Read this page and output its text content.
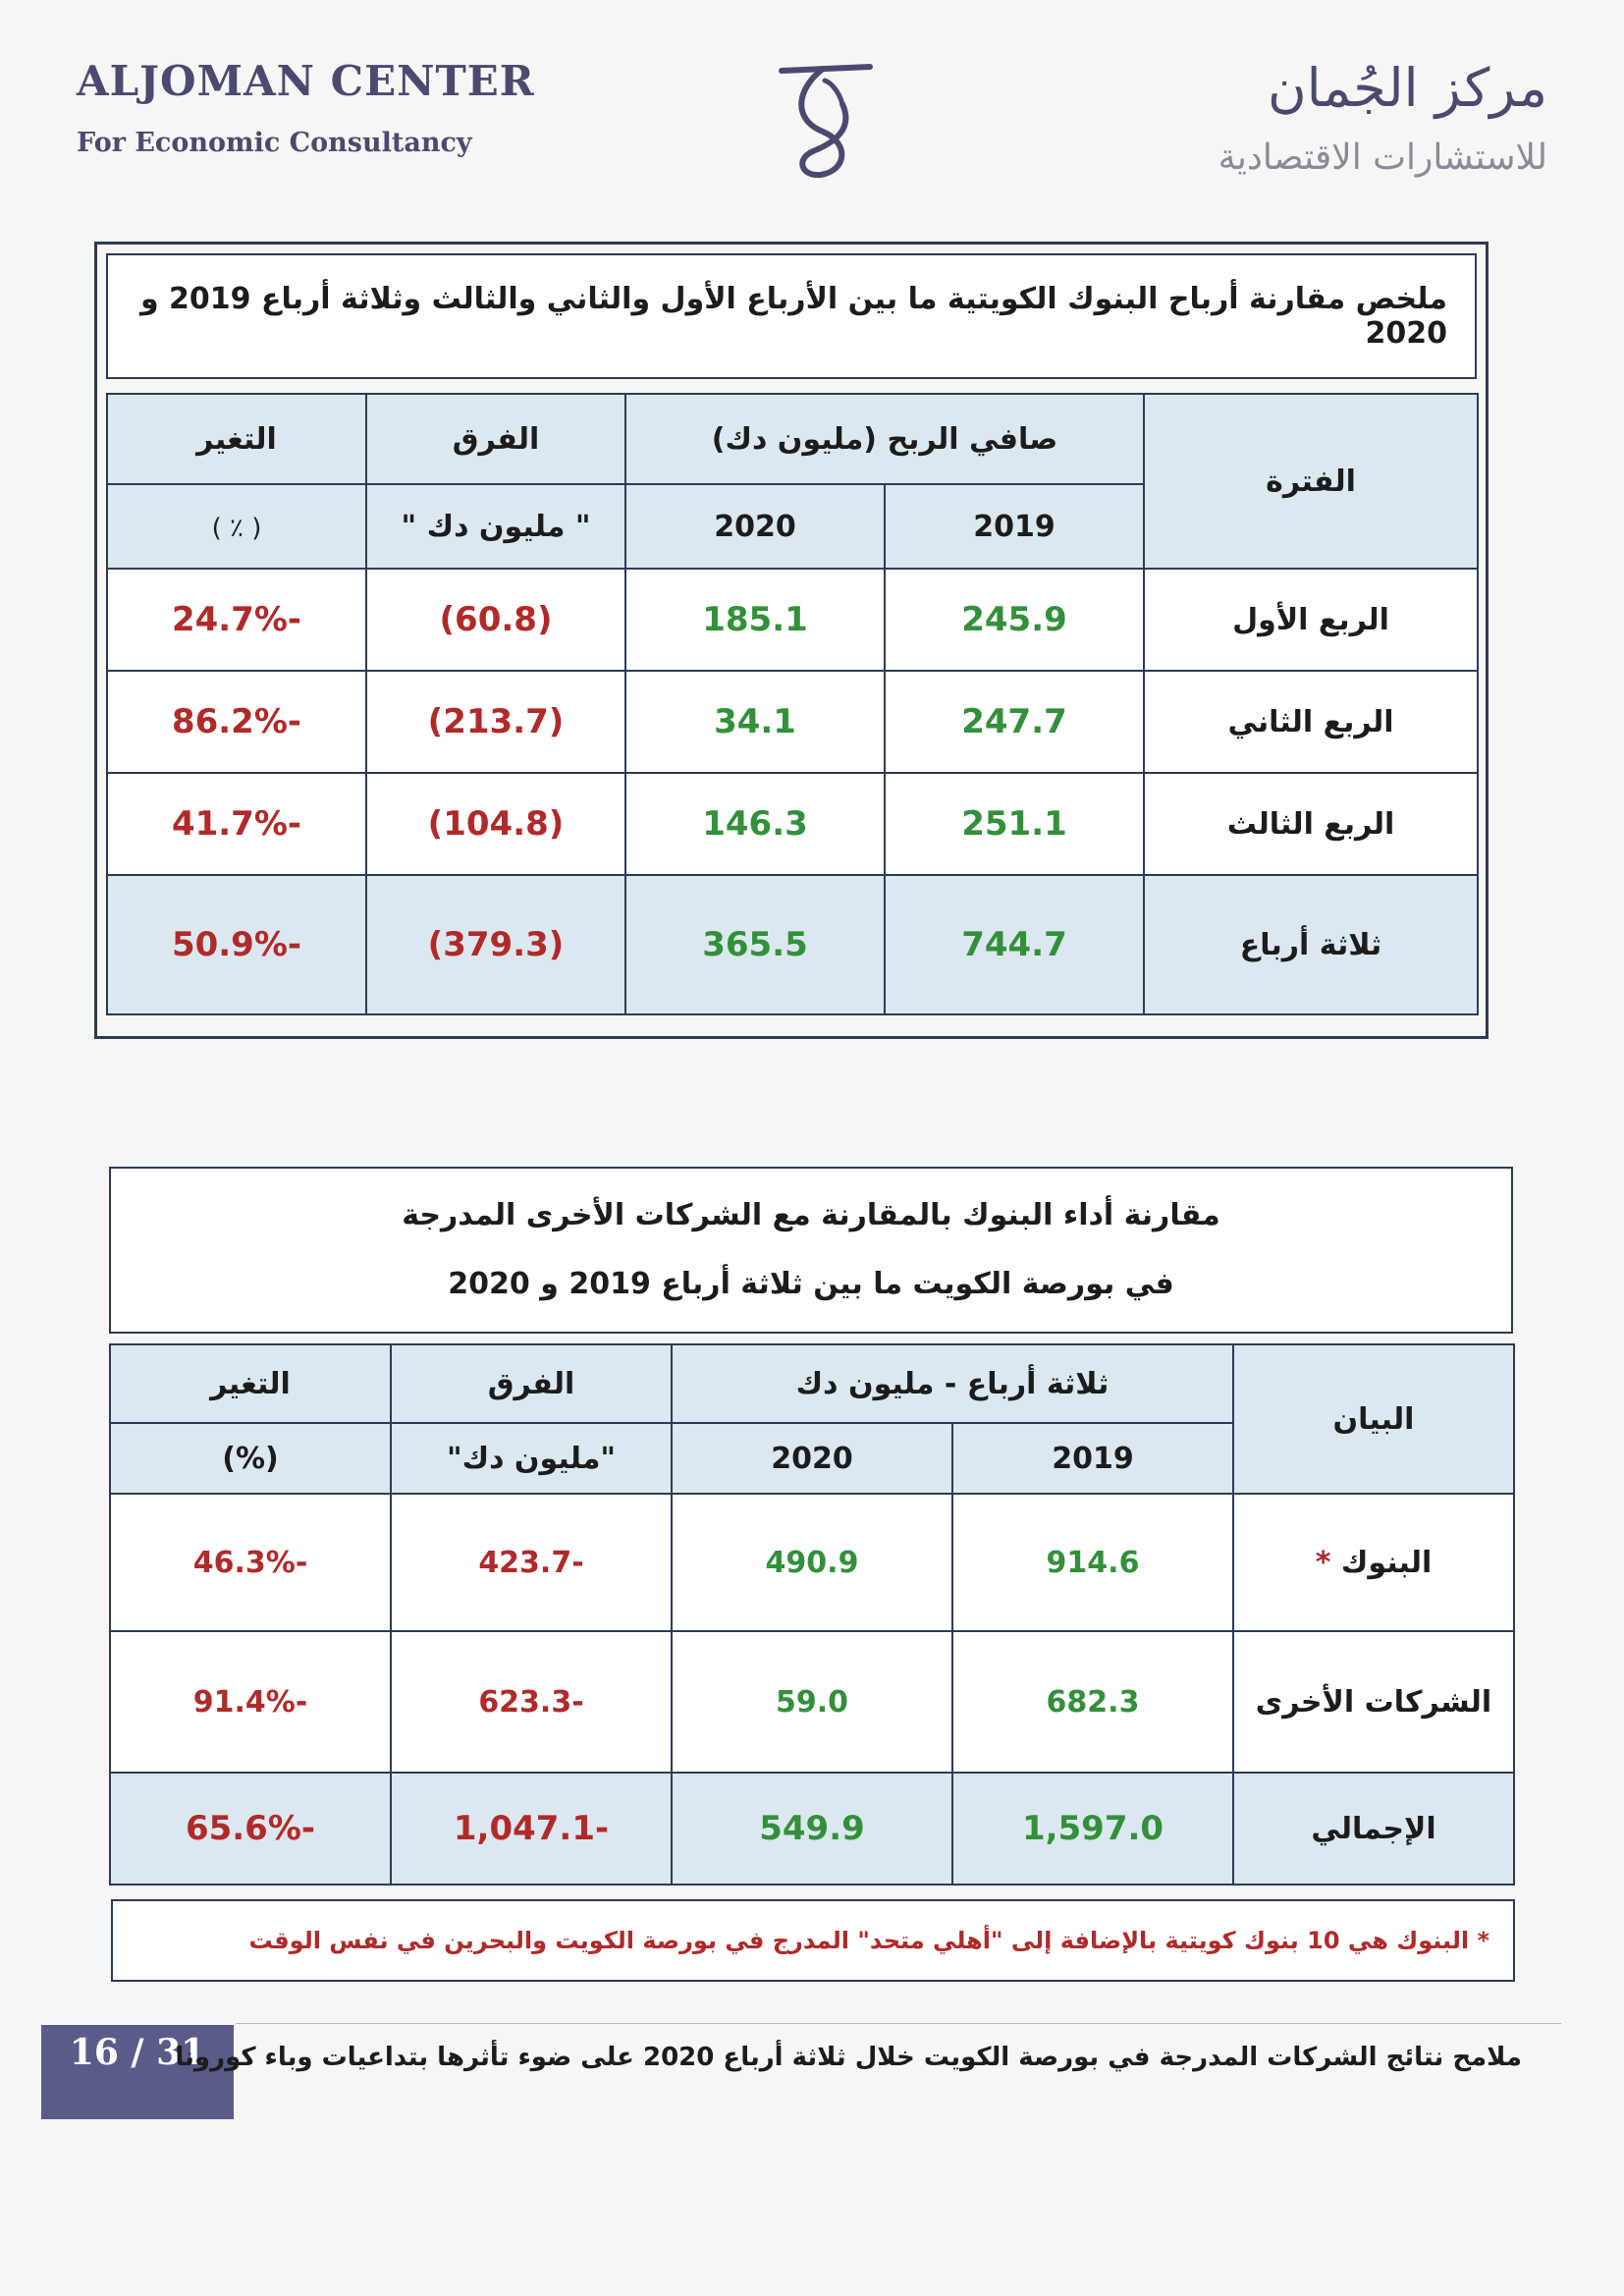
ALJOMAN CENTER
For Economic Consultancy
مركز الجُمان
للاستشارات الاقتصادية
ملخص مقارنة أرباح البنوك الكويتية ما بين الأرباع الأول والثاني والثالث وثلاثة أرباع 2019 و 2020
الفترة	صافي الربح (مليون دك)		الفرق	التغير
	2019	2020	" مليون دك "	( ٪ )
الربع الأول	245.9	185.1	(60.8)	-24.7%
الربع الثاني	247.7	34.1	(213.7)	-86.2%
الربع الثالث	251.1	146.3	(104.8)	-41.7%
ثلاثة أرباع	744.7	365.5	(379.3)	-50.9%
مقارنة أداء البنوك بالمقارنة مع الشركات الأخرى المدرجة
في بورصة الكويت ما بين ثلاثة أرباع 2019 و 2020
البيان	ثلاثة أرباع - مليون دك		الفرق	التغير
	2019	2020	"مليون دك"	(%)
البنوك *	914.6	490.9	-423.7	-46.3%
الشركات الأخرى	682.3	59.0	-623.3	-91.4%
الإجمالي	1,597.0	549.9	-1,047.1	-65.6%
* البنوك هي 10 بنوك كويتية بالإضافة إلى "أهلي متحد" المدرج في بورصة الكويت والبحرين في نفس الوقت
16 / 31
ملامح نتائج الشركات المدرجة في بورصة الكويت خلال ثلاثة أرباع 2020 على ضوء تأثرها بتداعيات وباء كورونا
